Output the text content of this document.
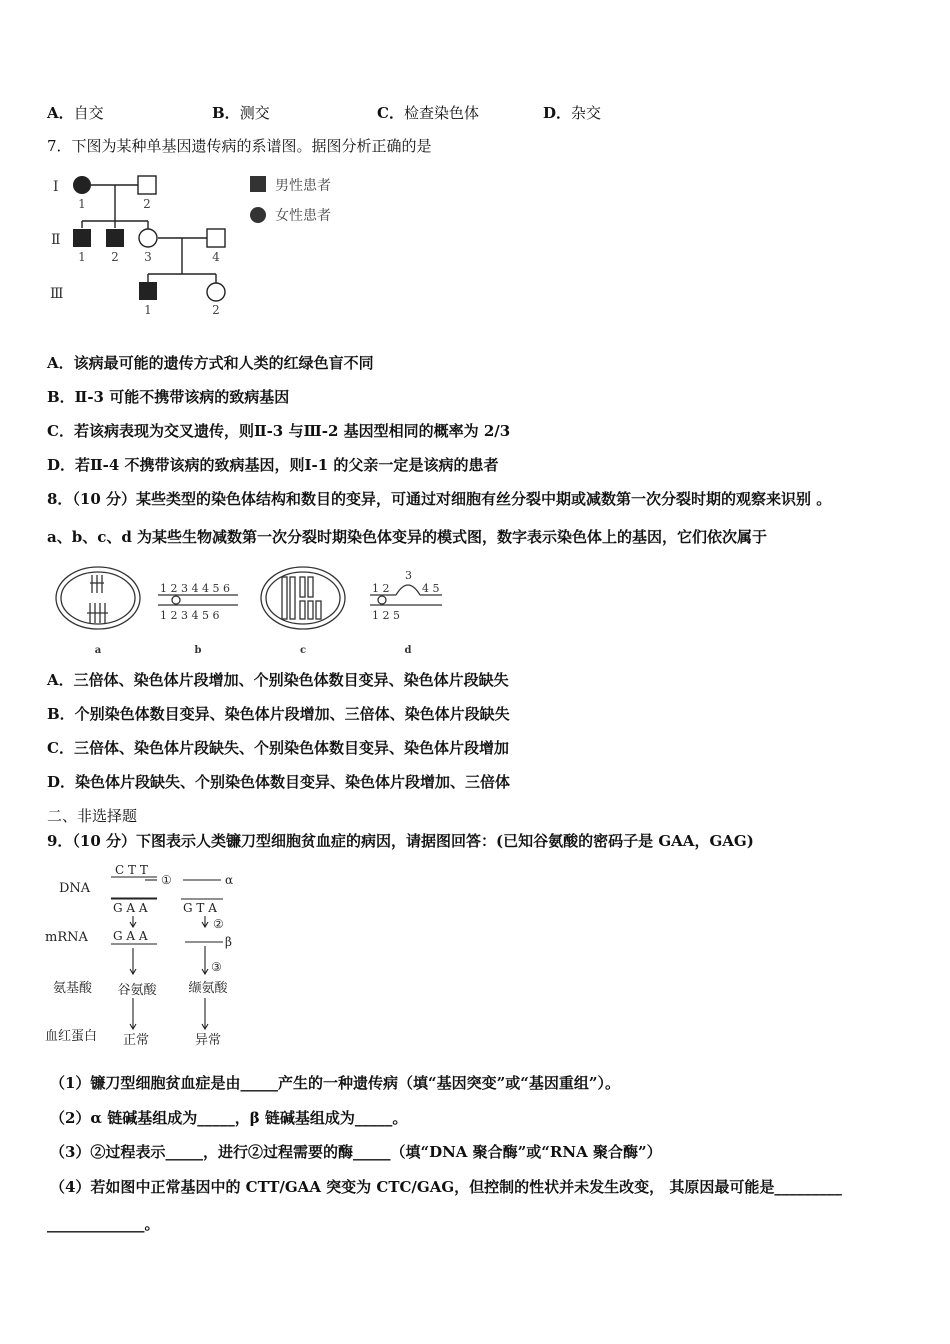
A．自交	B．测交	C．检查染色体	D．杂交
7．下图为某种单基因遗传病的系谱图。据图分析正确的是
Ⅰ
Ⅱ
Ⅲ
1	2
1 2 3	4
1	2
男性患者
女性患者
A．该病最可能的遗传方式和人类的红绿色盲不同
B．Ⅱ-3 可能不携带该病的致病基因
C．若该病表现为交叉遗传，则Ⅱ-3 与Ⅲ-2 基因型相同的概率为 2/3
D．若Ⅱ-4 不携带该病的致病基因，则Ⅰ-1 的父亲一定是该病的患者
8．（10 分）某些类型的染色体结构和数目的变异，可通过对细胞有丝分裂中期或减数第一次分裂时期的观察来识别 。
a、b、c、d 为某些生物减数第一次分裂时期染色体变异的模式图，数字表示染色体上的基因，它们依次属于
a
1 2 3 4 4 5 6
1 2 3 4 5 6
b	c
1 2
3
4 5
1 2 5
d
A．三倍体、染色体片段增加、个别染色体数目变异、染色体片段缺失
B．个别染色体数目变异、染色体片段增加、三倍体、染色体片段缺失
C．三倍体、染色体片段缺失、个别染色体数目变异、染色体片段增加
D．染色体片段缺失、个别染色体数目变异、染色体片段增加、三倍体
二、非选择题
9．（10 分）下图表示人类镰刀型细胞贫血症的病因，请据图回答：(已知谷氨酸的密码子是 GAA，GAG)
DNA
mRNA
氨基酸
血红蛋白
C T T
G A A
G A A
G T A
①
②
③
α
β
谷氨酸 缬氨酸
正常	异常
（1）镰刀型细胞贫血症是由_____产生的一种遗传病（填“基因突变”或“基因重组”）。
（2）α 链碱基组成为_____，β 链碱基组成为_____。
（3）②过程表示_____，进行②过程需要的酶_____（填“DNA 聚合酶”或“RNA 聚合酶”）
（4）若如图中正常基因中的 CTT/GAA 突变为 CTC/GAG，但控制的性状并未发生改变， 其原因最可能是_________
_____________。
